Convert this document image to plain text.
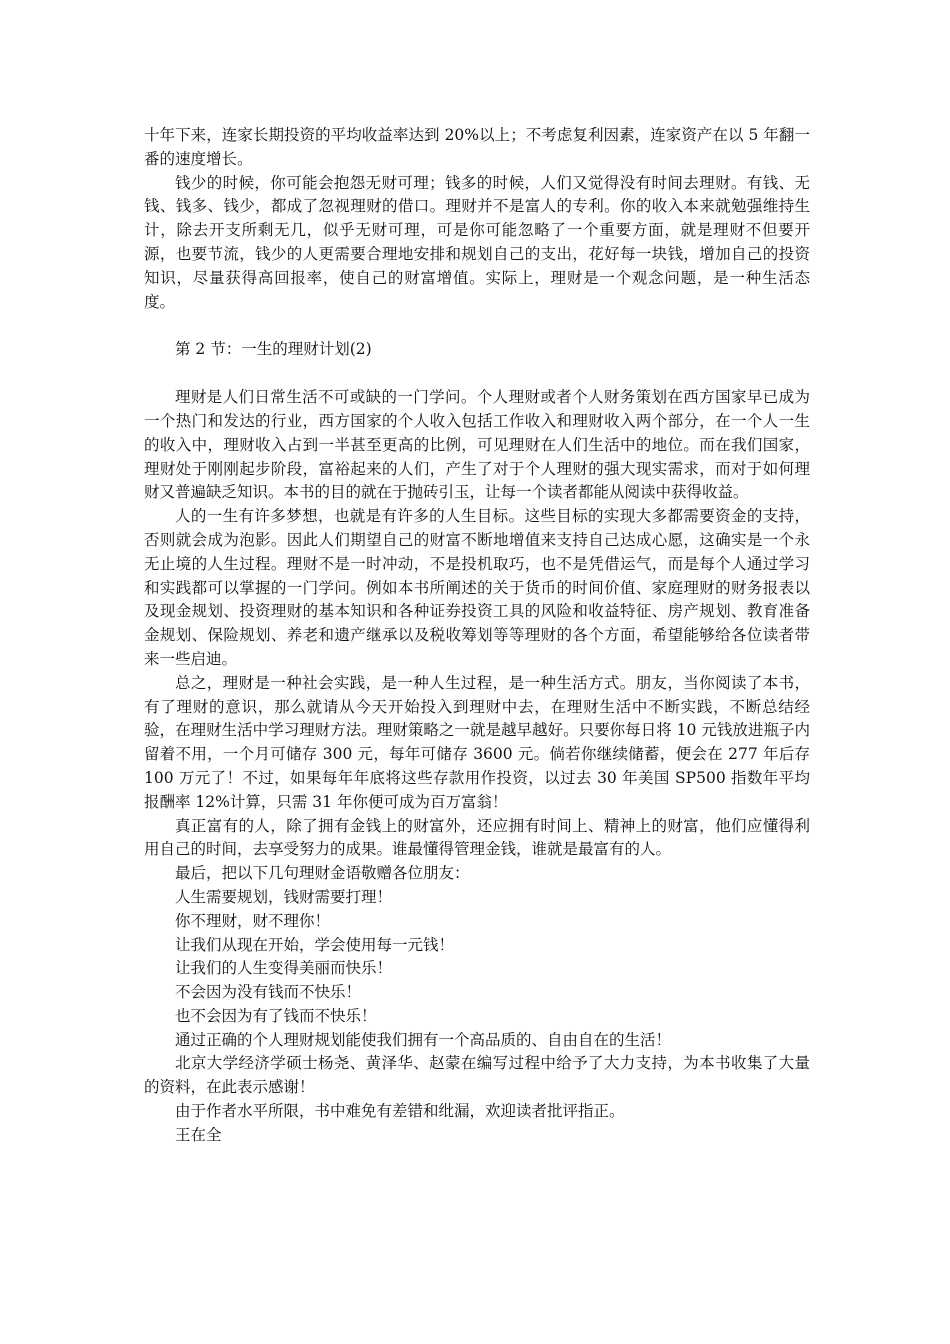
十年下来，连家长期投资的平均收益率达到 20%以上；不考虑复利因素，连家资产在以 5 年翻一番的速度增长。

钱少的时候，你可能会抱怨无财可理；钱多的时候，人们又觉得没有时间去理财。有钱、无钱、钱多、钱少，都成了忽视理财的借口。理财并不是富人的专利。你的收入本来就勉强维持生计，除去开支所剩无几，似乎无财可理，可是你可能忽略了一个重要方面，就是理财不但要开源，也要节流，钱少的人更需要合理地安排和规划自己的支出，花好每一块钱，增加自己的投资知识，尽量获得高回报率，使自己的财富增值。实际上，理财是一个观念问题，是一种生活态度。

第 2 节：一生的理财计划(2)

理财是人们日常生活不可或缺的一门学问。个人理财或者个人财务策划在西方国家早已成为一个热门和发达的行业，西方国家的个人收入包括工作收入和理财收入两个部分，在一个人一生的收入中，理财收入占到一半甚至更高的比例，可见理财在人们生活中的地位。而在我们国家，理财处于刚刚起步阶段，富裕起来的人们，产生了对于个人理财的强大现实需求，而对于如何理财又普遍缺乏知识。本书的目的就在于抛砖引玉，让每一个读者都能从阅读中获得收益。

人的一生有许多梦想，也就是有许多的人生目标。这些目标的实现大多都需要资金的支持，否则就会成为泡影。因此人们期望自己的财富不断地增值来支持自己达成心愿，这确实是一个永无止境的人生过程。理财不是一时冲动，不是投机取巧，也不是凭借运气，而是每个人通过学习和实践都可以掌握的一门学问。例如本书所阐述的关于货币的时间价值、家庭理财的财务报表以及现金规划、投资理财的基本知识和各种证券投资工具的风险和收益特征、房产规划、教育准备金规划、保险规划、养老和遗产继承以及税收筹划等等理财的各个方面，希望能够给各位读者带来一些启迪。

总之，理财是一种社会实践，是一种人生过程，是一种生活方式。朋友，当你阅读了本书，有了理财的意识，那么就请从今天开始投入到理财中去，在理财生活中不断实践，不断总结经验，在理财生活中学习理财方法。理财策略之一就是越早越好。只要你每日将 10 元钱放进瓶子内留着不用，一个月可储存 300 元，每年可储存 3600 元。倘若你继续储蓄，便会在 277 年后存 100 万元了！不过，如果每年年底将这些存款用作投资，以过去 30 年美国 SP500 指数年平均报酬率 12%计算，只需 31 年你便可成为百万富翁！

真正富有的人，除了拥有金钱上的财富外，还应拥有时间上、精神上的财富，他们应懂得利用自己的时间，去享受努力的成果。谁最懂得管理金钱，谁就是最富有的人。

最后，把以下几句理财金语敬赠各位朋友：

人生需要规划，钱财需要打理！

你不理财，财不理你！

让我们从现在开始，学会使用每一元钱！

让我们的人生变得美丽而快乐！

不会因为没有钱而不快乐！

也不会因为有了钱而不快乐！

通过正确的个人理财规划能使我们拥有一个高品质的、自由自在的生活！

北京大学经济学硕士杨尧、黄泽华、赵蒙在编写过程中给予了大力支持，为本书收集了大量的资料，在此表示感谢！

由于作者水平所限，书中难免有差错和纰漏，欢迎读者批评指正。

王在全
